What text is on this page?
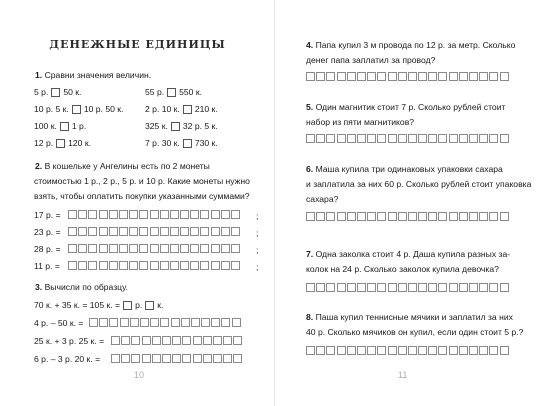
ДЕНЕЖНЫЕ ЕДИНИЦЫ
1. Сравни значения величин.
5 р. 50 к.	55 р. 550 к.
10 р. 5 к. 10 р. 50 к.	2 р. 10 к. 210 к.
100 к. 1 р.	325 к. 32 р. 5 к.
12 р. 120 к.	7 р. 30 к. 730 к.
2. В кошельке у Ангелины есть по 2 монеты
стоимостью 1 р., 2 р., 5 р. и 10 р. Какие монеты нужно
взять, чтобы оплатить покупки указанными суммами?
17 р. =	;
23 р. =	;
28 р. =	;
11 р. =	;
3. Вычисли по образцу.
70 к. + 35 к. = 105 к. = р. к.
4 р. – 50 к. =
25 к. + 3 р. 25 к. =
6 р. – 3 р. 20 к. =
10
4. Папа купил 3 м провода по 12 р. за метр. Сколько
денег папа заплатил за провод?
5. Один магнитик стоит 7 р. Сколько рублей стоит
набор из пяти магнитиков?
6. Маша купила три одинаковых упаковки сахара
и заплатила за них 60 р. Сколько рублей стоит упаковка
сахара?
7. Одна заколка стоит 4 р. Даша купила разных за-
колок на 24 р. Сколько заколок купила девочка?
8. Паша купил теннисные мячики и заплатил за них
40 р. Сколько мячиков он купил, если один стоит 5 р.?
11
